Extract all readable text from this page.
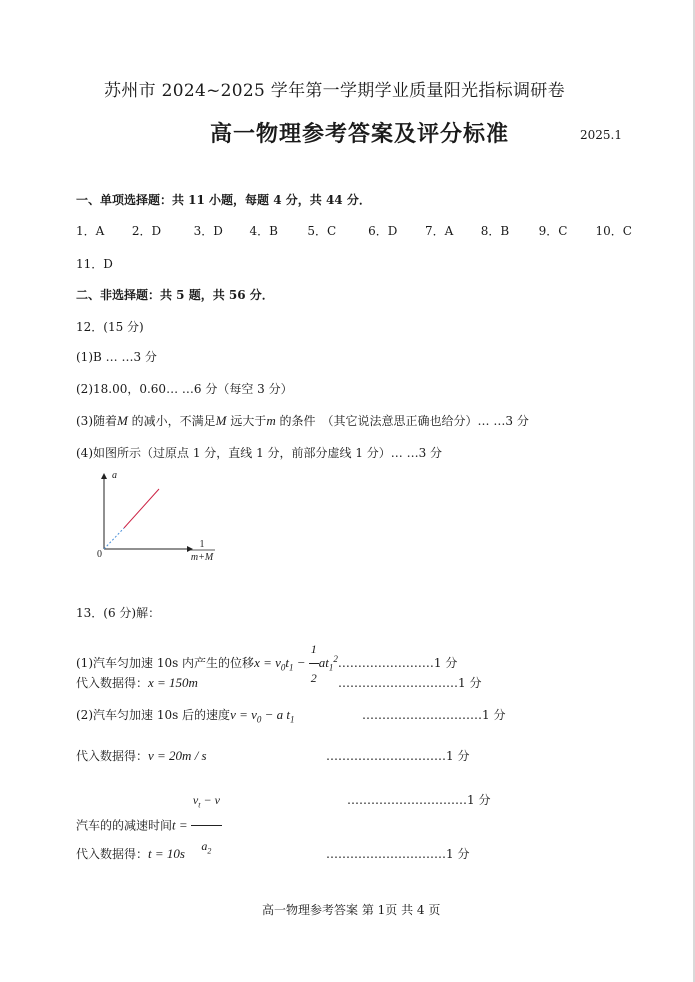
苏州市 2024~2025 学年第一学期学业质量阳光指标调研卷
高一物理参考答案及评分标准	2025.1
一、单项选择题：共 11 小题，每题 4 分，共 44 分．
1．A 2．D	3．D 4．B 5．C	6．D 7．A 8．B 9．C 10．C
11．D
二、非选择题：共 5 题，共 56 分．
12．(15 分)
(1)B … …3 分
(2)18.00，0.60… …6 分（每空 3 分）
(3)随着M 的减小，不满足M 远大于m 的条件　（其它说法意思正确也给分）… …3 分
(4)如图所示（过原点 1 分，直线 1 分，前部分虚线 1 分）… …3 分
a
0
1
m+M
13．(6 分)解：
(1)汽车匀加速 10s 内产生的位移$x = v_0t_1 - \frac{1}{2}$ $at_1^2\dots\dots\dots\dots\dots\dots\dots\dots 1$ 分
代入数据得：x = 150m	…………………………1 分
(2)汽车匀加速 10s 后的速度$v = v_0 - a$ $t_1$	…………………………1 分
代入数据得：v = 20m / s	…………………………1 分
汽车的的减速时间$t = \frac{v_t - v}{a_2}$	…………………………1 分
代入数据得：t = 10s	…………………………1 分
高一物理参考答案 第 1页 共 4 页
